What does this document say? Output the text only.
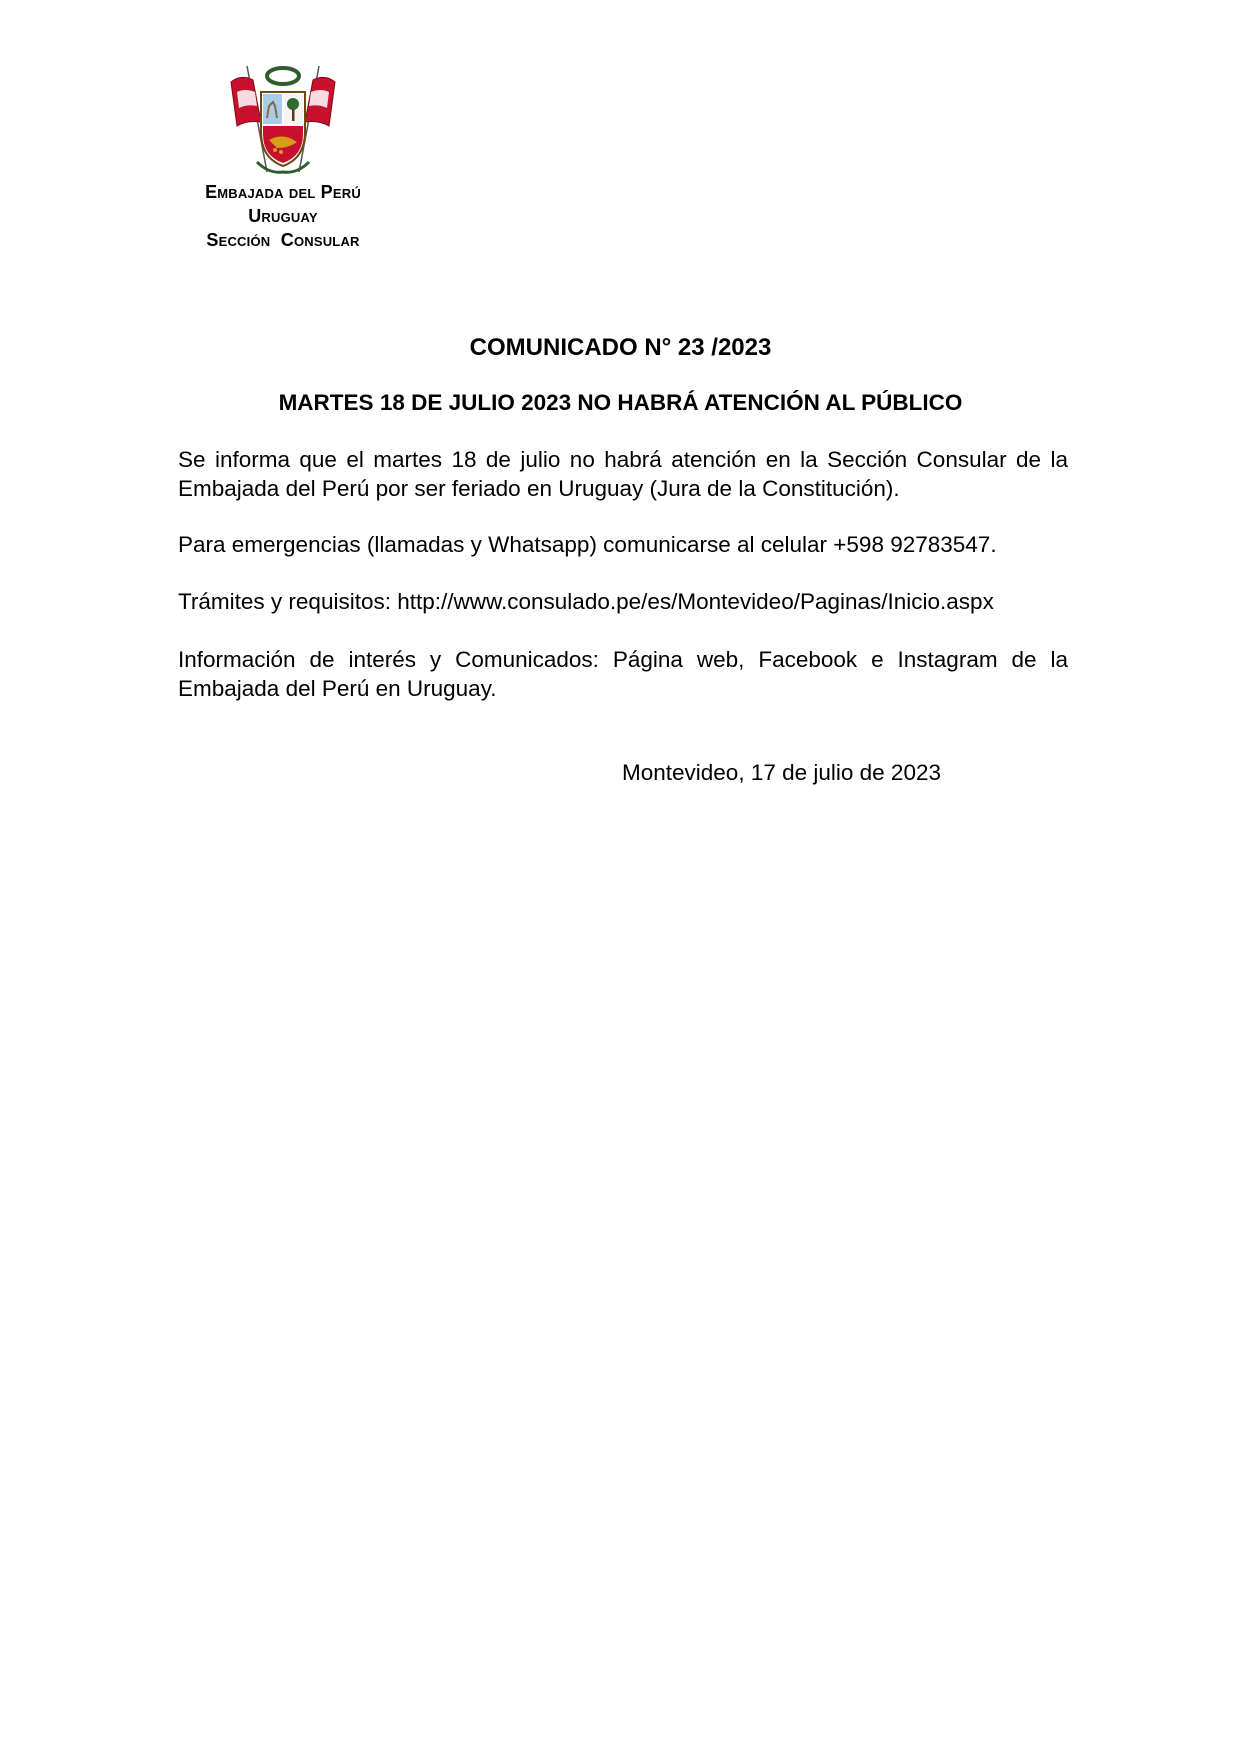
Embajada del Perú
Uruguay
Sección  Consular
COMUNICADO N° 23 /2023
MARTES 18 DE JULIO 2023 NO HABRÁ ATENCIÓN AL PÚBLICO

Se informa que el martes 18 de julio no habrá atención en la Sección Consular de la Embajada del Perú por ser feriado en Uruguay (Jura de la Constitución).

Para emergencias (llamadas y Whatsapp) comunicarse al celular +598 92783547.

Trámites y requisitos: http://www.consulado.pe/es/Montevideo/Paginas/Inicio.aspx

Información de interés y Comunicados: Página web, Facebook e Instagram de la Embajada del Perú en Uruguay.

Montevideo, 17 de julio de 2023
